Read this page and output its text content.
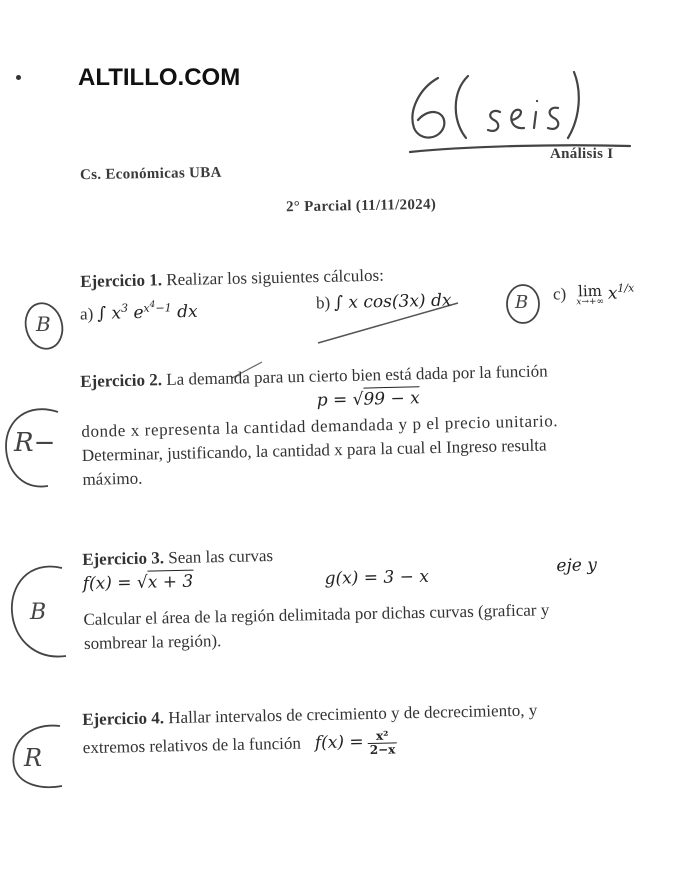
ALTILLO.COM
B
B
R−
B
R
Análisis I
Cs. Económicas UBA
2° Parcial (11/11/2024)
Ejercicio 1. Realizar los siguientes cálculos:
a) ∫ $x^3$ $e^{x^4-1}$ dx	b) ∫ x cos(3x) dx	c) lim
x→+∞ $x^{1/x}$
Ejercicio 2. La demanda para un cierto bien está dada por la función
p = √99 − x
donde x representa la cantidad demandada y p el precio unitario.
Determinar, justificando, la cantidad x para la cual el Ingreso resulta
máximo.
Ejercicio 3. Sean las curvas
f(x) = √x + 3	g(x) = 3 − x
eje y
Calcular el área de la región delimitada por dichas curvas (graficar y
sombrear la región).
Ejercicio 4. Hallar intervalos de crecimiento y de decrecimiento, y
extremos relativos de la función $f(x) = \frac{\text{x²}}{2-x}$
